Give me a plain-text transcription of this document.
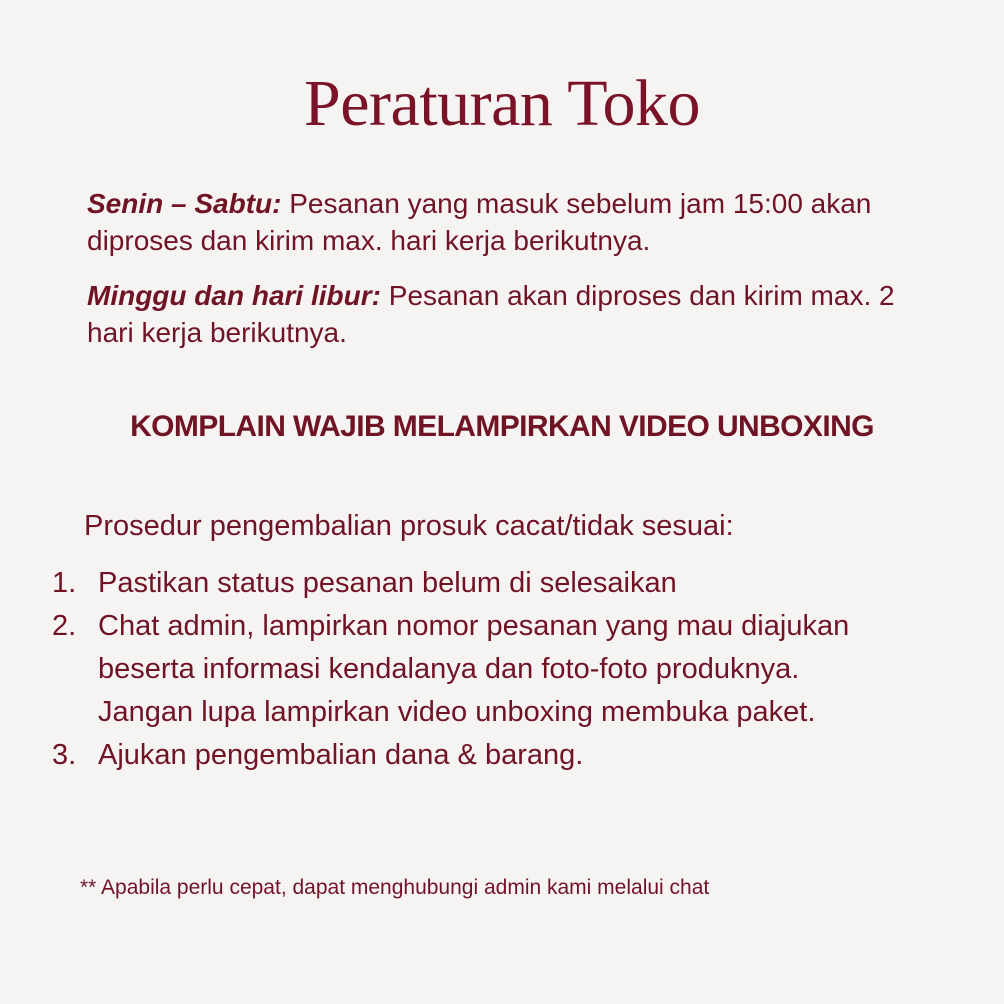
Peraturan Toko
Senin – Sabtu: Pesanan yang masuk sebelum jam 15:00 akan diproses dan kirim max. hari kerja berikutnya.
Minggu dan hari libur: Pesanan akan diproses dan kirim max. 2 hari kerja berikutnya.
KOMPLAIN WAJIB MELAMPIRKAN VIDEO UNBOXING
Prosedur pengembalian prosuk cacat/tidak sesuai:
1. Pastikan status pesanan belum di selesaikan
2. Chat admin, lampirkan nomor pesanan yang mau diajukan beserta informasi kendalanya dan foto-foto produknya. Jangan lupa lampirkan video unboxing membuka paket.
3. Ajukan pengembalian dana & barang.
** Apabila perlu cepat, dapat menghubungi admin kami melalui chat
